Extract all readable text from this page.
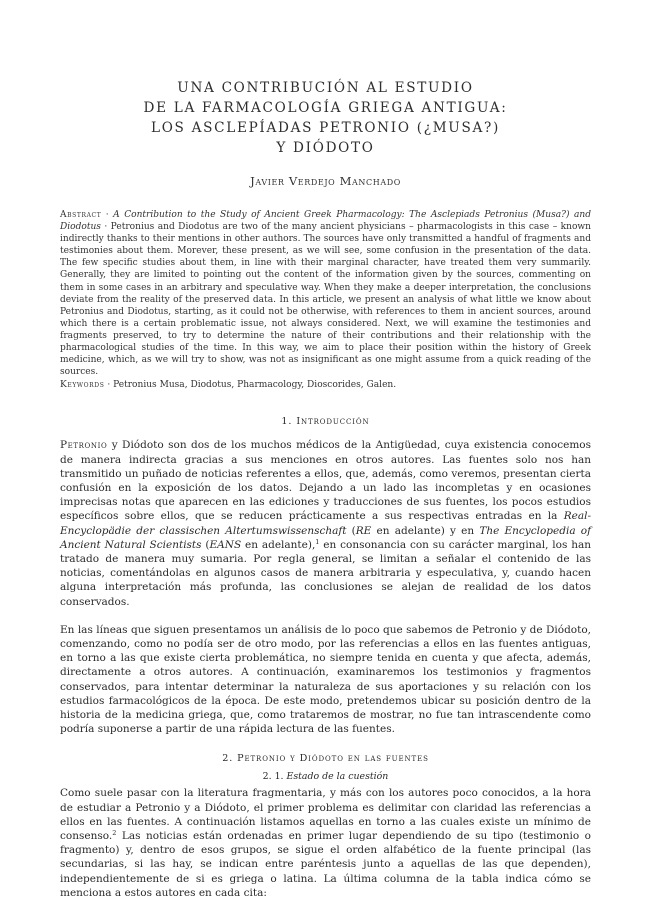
UNA CONTRIBUCIÓN AL ESTUDIO
DE LA FARMACOLOGÍA GRIEGA ANTIGUA:
LOS ASCLEPÍADAS PETRONIO (¿MUSA?)
Y DIÓDOTO
Javier Verdejo Manchado

Abstract · A Contribution to the Study of Ancient Greek Pharmacology: The Asclepiads Petronius (Musa?) and Diodotus · Petronius and Diodotus are two of the many ancient physicians – pharmacologists in this case – known indirectly thanks to their mentions in other authors. The sources have only transmitted a handful of fragments and testimonies about them. Morever, these present, as we will see, some confusion in the presentation of the data. The few specific studies about them, in line with their marginal character, have treated them very summarily. Generally, they are limited to pointing out the content of the information given by the sources, commenting on them in some cases in an arbitrary and speculative way. When they make a deeper interpretation, the conclusions deviate from the reality of the preserved data. In this article, we present an analysis of what little we know about Petronius and Diodotus, starting, as it could not be otherwise, with references to them in ancient sources, around which there is a certain problematic issue, not always considered. Next, we will examine the testimonies and fragments preserved, to try to determine the nature of their contributions and their relationship with the pharmacological studies of the time. In this way, we aim to place their position within the history of Greek medicine, which, as we will try to show, was not as insignificant as one might assume from a quick reading of the sources.

Keywords · Petronius Musa, Diodotus, Pharmacology, Dioscorides, Galen.

1. Introducción

Petronio y Diódoto son dos de los muchos médicos de la Antigüedad, cuya existencia conocemos de manera indirecta gracias a sus menciones en otros autores. Las fuentes solo nos han transmitido un puñado de noticias referentes a ellos, que, además, como veremos, presentan cierta confusión en la exposición de los datos. Dejando a un lado las incompletas y en ocasiones imprecisas notas que aparecen en las ediciones y traducciones de sus fuentes, los pocos estudios específicos sobre ellos, que se reducen prácticamente a sus respectivas entradas en la Real-Encyclopädie der classischen Altertumswissenschaft (RE en adelante) y en The Encyclopedia of Ancient Natural Scientists (EANS en adelante),$^1$ en consonancia con su carácter marginal, los han tratado de manera muy sumaria. Por regla general, se limitan a señalar el contenido de las noticias, comentándolas en algunos casos de manera arbitraria y especulativa, y, cuando hacen alguna interpretación más profunda, las conclusiones se alejan de realidad de los datos conservados.

En las líneas que siguen presentamos un análisis de lo poco que sabemos de Petronio y de Diódoto, comenzando, como no podía ser de otro modo, por las referencias a ellos en las fuentes antiguas, en torno a las que existe cierta problemática, no siempre tenida en cuenta y que afecta, además, directamente a otros autores. A continuación, examinaremos los testimonios y fragmentos conservados, para intentar determinar la naturaleza de sus aportaciones y su relación con los estudios farmacológicos de la época. De este modo, pretendemos ubicar su posición dentro de la historia de la medicina griega, que, como trataremos de mostrar, no fue tan intrascendente como podría suponerse a partir de una rápida lectura de las fuentes.

2. Petronio y Diódoto en las fuentes
2. 1. Estado de la cuestión

Como suele pasar con la literatura fragmentaria, y más con los autores poco conocidos, a la hora de estudiar a Petronio y a Diódoto, el primer problema es delimitar con claridad las referencias a ellos en las fuentes. A continuación listamos aquellas en torno a las cuales existe un mínimo de consenso.$^2$ Las noticias están ordenadas en primer lugar dependiendo de su tipo (testimonio o fragmento) y, dentro de esos grupos, se sigue el orden alfabético de la fuente principal (las secundarias, si las hay, se indican entre paréntesis junto a aquellas de las que dependen), independientemente de si es griega o latina. La última columna de la tabla indica cómo se menciona a estos autores en cada cita:
